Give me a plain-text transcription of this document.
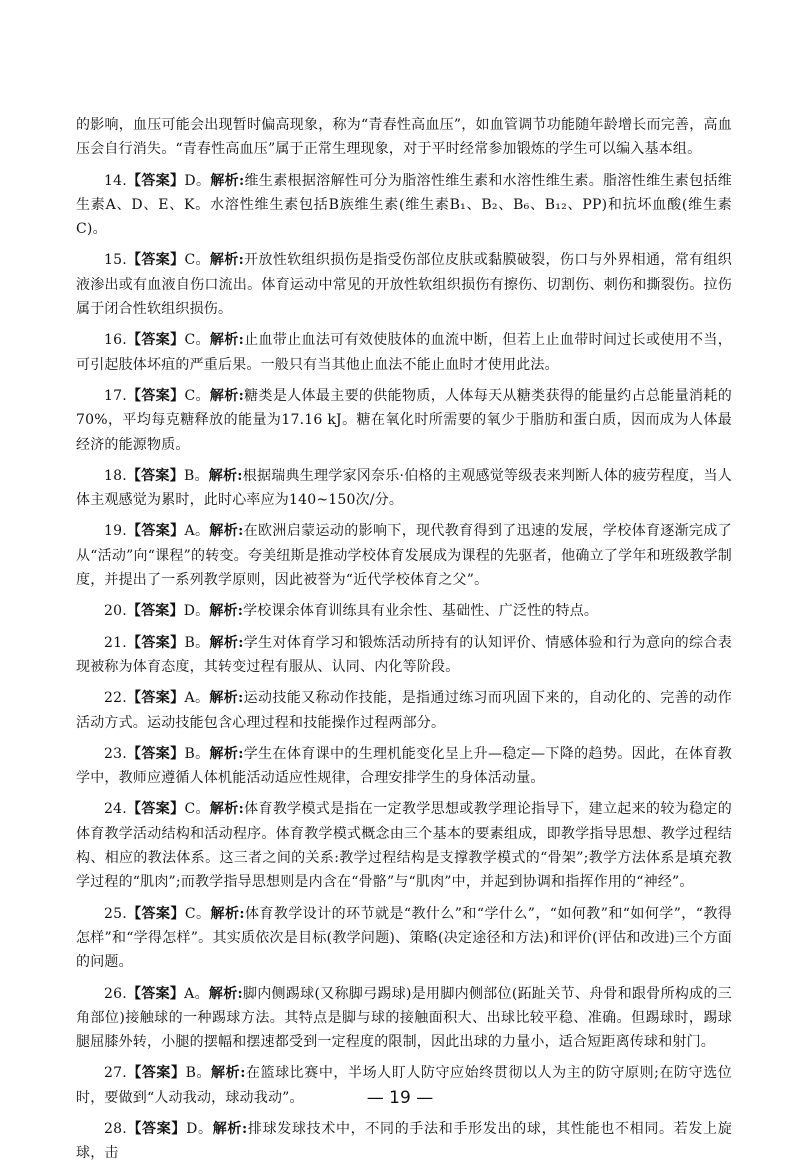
的影响，血压可能会出现暂时偏高现象，称为“青春性高血压”，如血管调节功能随年龄增长而完善，高血压会自行消失。“青春性高血压”属于正常生理现象，对于平时经常参加锻炼的学生可以编入基本组。

14.【答案】D。解析:维生素根据溶解性可分为脂溶性维生素和水溶性维生素。脂溶性维生素包括维生素A、D、E、K。水溶性维生素包括B族维生素(维生素B₁、B₂、B₆、B₁₂、PP)和抗坏血酸(维生素C)。

15.【答案】C。解析:开放性软组织损伤是指受伤部位皮肤或黏膜破裂，伤口与外界相通，常有组织液渗出或有血液自伤口流出。体育运动中常见的开放性软组织损伤有擦伤、切割伤、刺伤和撕裂伤。拉伤属于闭合性软组织损伤。

16.【答案】C。解析:止血带止血法可有效使肢体的血流中断，但若上止血带时间过长或使用不当，可引起肢体坏疽的严重后果。一般只有当其他止血法不能止血时才使用此法。

17.【答案】C。解析:糖类是人体最主要的供能物质，人体每天从糖类获得的能量约占总能量消耗的70%，平均每克糖释放的能量为17.16 kJ。糖在氧化时所需要的氧少于脂肪和蛋白质，因而成为人体最经济的能源物质。

18.【答案】B。解析:根据瑞典生理学家冈奈乐·伯格的主观感觉等级表来判断人体的疲劳程度，当人体主观感觉为累时，此时心率应为140~150次/分。

19.【答案】A。解析:在欧洲启蒙运动的影响下，现代教育得到了迅速的发展，学校体育逐渐完成了从“活动”向“课程”的转变。夸美纽斯是推动学校体育发展成为课程的先驱者，他确立了学年和班级教学制度，并提出了一系列教学原则，因此被誉为“近代学校体育之父”。

20.【答案】D。解析:学校课余体育训练具有业余性、基础性、广泛性的特点。

21.【答案】B。解析:学生对体育学习和锻炼活动所持有的认知评价、情感体验和行为意向的综合表现被称为体育态度，其转变过程有服从、认同、内化等阶段。

22.【答案】A。解析:运动技能又称动作技能，是指通过练习而巩固下来的，自动化的、完善的动作活动方式。运动技能包含心理过程和技能操作过程两部分。

23.【答案】B。解析:学生在体育课中的生理机能变化呈上升—稳定—下降的趋势。因此，在体育教学中，教师应遵循人体机能活动适应性规律，合理安排学生的身体活动量。

24.【答案】C。解析:体育教学模式是指在一定教学思想或教学理论指导下，建立起来的较为稳定的体育教学活动结构和活动程序。体育教学模式概念由三个基本的要素组成，即教学指导思想、教学过程结构、相应的教法体系。这三者之间的关系:教学过程结构是支撑教学模式的“骨架”;教学方法体系是填充教学过程的“肌肉”;而教学指导思想则是内含在“骨骼”与“肌肉”中，并起到协调和指挥作用的“神经”。

25.【答案】C。解析:体育教学设计的环节就是“教什么”和“学什么”，“如何教”和“如何学”，“教得怎样”和“学得怎样”。其实质依次是目标(教学问题)、策略(决定途径和方法)和评价(评估和改进)三个方面的问题。

26.【答案】A。解析:脚内侧踢球(又称脚弓踢球)是用脚内侧部位(跖趾关节、舟骨和跟骨所构成的三角部位)接触球的一种踢球方法。其特点是脚与球的接触面积大、出球比较平稳、准确。但踢球时，踢球腿屈膝外转，小腿的摆幅和摆速都受到一定程度的限制，因此出球的力量小，适合短距离传球和射门。

27.【答案】B。解析:在篮球比赛中，半场人盯人防守应始终贯彻以人为主的防守原则;在防守选位时，要做到“人动我动，球动我动”。

28.【答案】D。解析:排球发球技术中，不同的手法和手形发出的球，其性能也不相同。若发上旋球，击

— 19 —
